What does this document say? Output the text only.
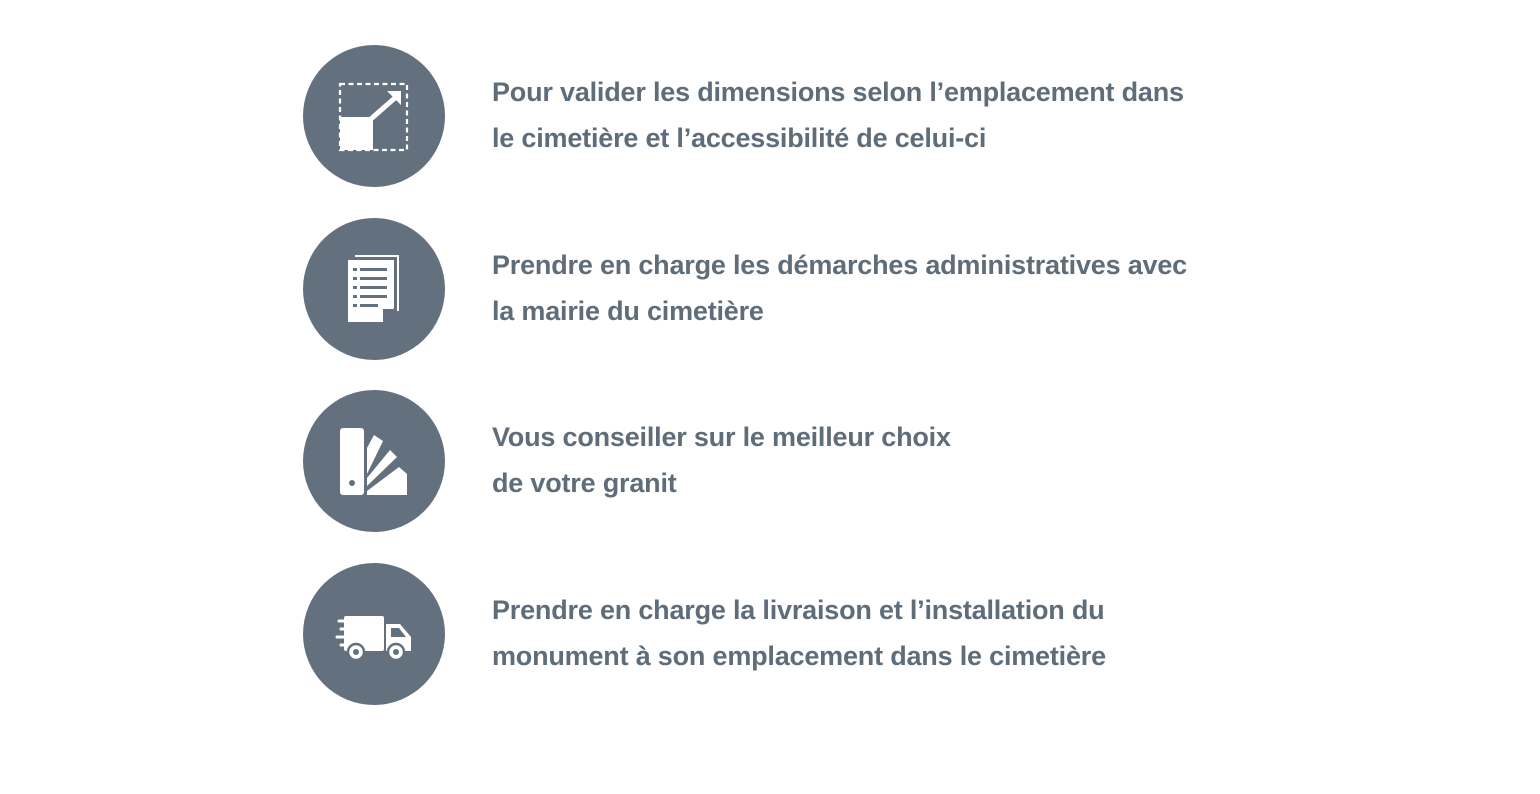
Pour valider les dimensions selon l’emplacement dans
le cimetière et l’accessibilité de celui-ci

Prendre en charge les démarches administratives avec
la mairie du cimetière

Vous conseiller sur le meilleur choix
de votre granit

Prendre en charge la livraison et l’installation du
monument à son emplacement dans le cimetière
